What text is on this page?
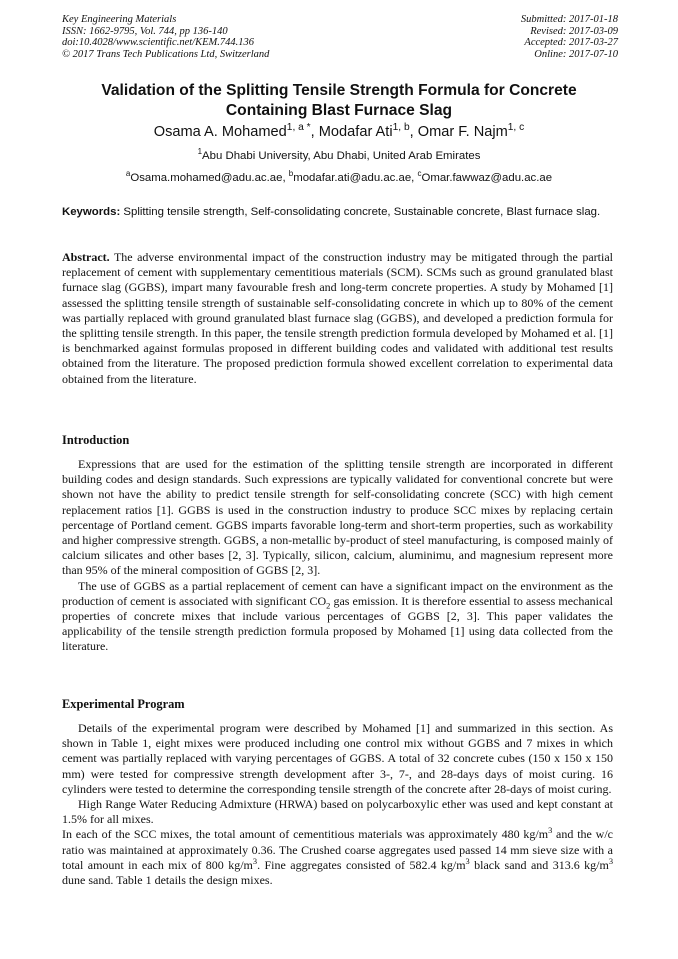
Key Engineering Materials
ISSN: 1662-9795, Vol. 744, pp 136-140
doi:10.4028/www.scientific.net/KEM.744.136
© 2017 Trans Tech Publications Ltd, Switzerland
Submitted: 2017-01-18
Revised: 2017-03-09
Accepted: 2017-03-27
Online: 2017-07-10
Validation of the Splitting Tensile Strength Formula for Concrete
Containing Blast Furnace Slag
Osama A. Mohamed$^{1, a *}$, Modafar Ati$^{1, b}$, Omar F. Najm$^{1, c}$
$^1$Abu Dhabi University, Abu Dhabi, United Arab Emirates
$^a$Osama.mohamed@adu.ac.ae, $^b$modafar.ati@adu.ac.ae, $^c$Omar.fawwaz@adu.ac.ae
Keywords: Splitting tensile strength, Self-consolidating concrete, Sustainable concrete, Blast furnace slag.

Abstract. The adverse environmental impact of the construction industry may be mitigated through the partial replacement of cement with supplementary cementitious materials (SCM). SCMs such as ground granulated blast furnace slag (GGBS), impart many favourable fresh and long-term concrete properties. A study by Mohamed [1] assessed the splitting tensile strength of sustainable self-consolidating concrete in which up to 80% of the cement was partially replaced with ground granulated blast furnace slag (GGBS), and developed a prediction formula for the splitting tensile strength. In this paper, the tensile strength prediction formula developed by Mohamed et al. [1] is benchmarked against formulas proposed in different building codes and validated with additional test results obtained from the literature. The proposed prediction formula showed excellent correlation to experimental data obtained from the literature.

Introduction

Expressions that are used for the estimation of the splitting tensile strength are incorporated in different building codes and design standards. Such expressions are typically validated for conventional concrete but were shown not have the ability to predict tensile strength for self-consolidating concrete (SCC) with high cement replacement ratios [1]. GGBS is used in the construction industry to produce SCC mixes by replacing certain percentage of Portland cement. GGBS imparts favorable long-term and short-term properties, such as workability and higher compressive strength. GGBS, a non-metallic by-product of steel manufacturing, is composed mainly of calcium silicates and other bases [2, 3]. Typically, silicon, calcium, aluminimu, and magnesium represent more than 95% of the mineral composition of GGBS [2, 3].

The use of GGBS as a partial replacement of cement can have a significant impact on the environment as the production of cement is associated with significant $CO_2$ gas emission. It is therefore essential to assess mechanical properties of concrete mixes that include various percentages of GGBS [2, 3]. This paper validates the applicability of the tensile strength prediction formula proposed by Mohamed [1] using data collected from the literature.

Experimental Program

Details of the experimental program were described by Mohamed [1] and summarized in this section. As shown in Table 1, eight mixes were produced including one control mix without GGBS and 7 mixes in which cement was partially replaced with varying percentages of GGBS. A total of 32 concrete cubes (150 x 150 x 150 mm) were tested for compressive strength development after 3-, 7-, and 28-days days of moist curing. 16 cylinders were tested to determine the corresponding tensile strength of the concrete after 28-days of moist curing.

High Range Water Reducing Admixture (HRWA) based on polycarboxylic ether was used and kept constant at 1.5% for all mixes.

In each of the SCC mixes, the total amount of cementitious materials was approximately 480 $kg/m^3$ and the w/c ratio was maintained at approximately 0.36. The Crushed coarse aggregates used passed 14 mm sieve size with a total amount in each mix of 800 $kg/m^3$. Fine aggregates consisted of 582.4 $kg/m^3$ black sand and 313.6 $kg/m^3$ dune sand. Table 1 details the design mixes.
